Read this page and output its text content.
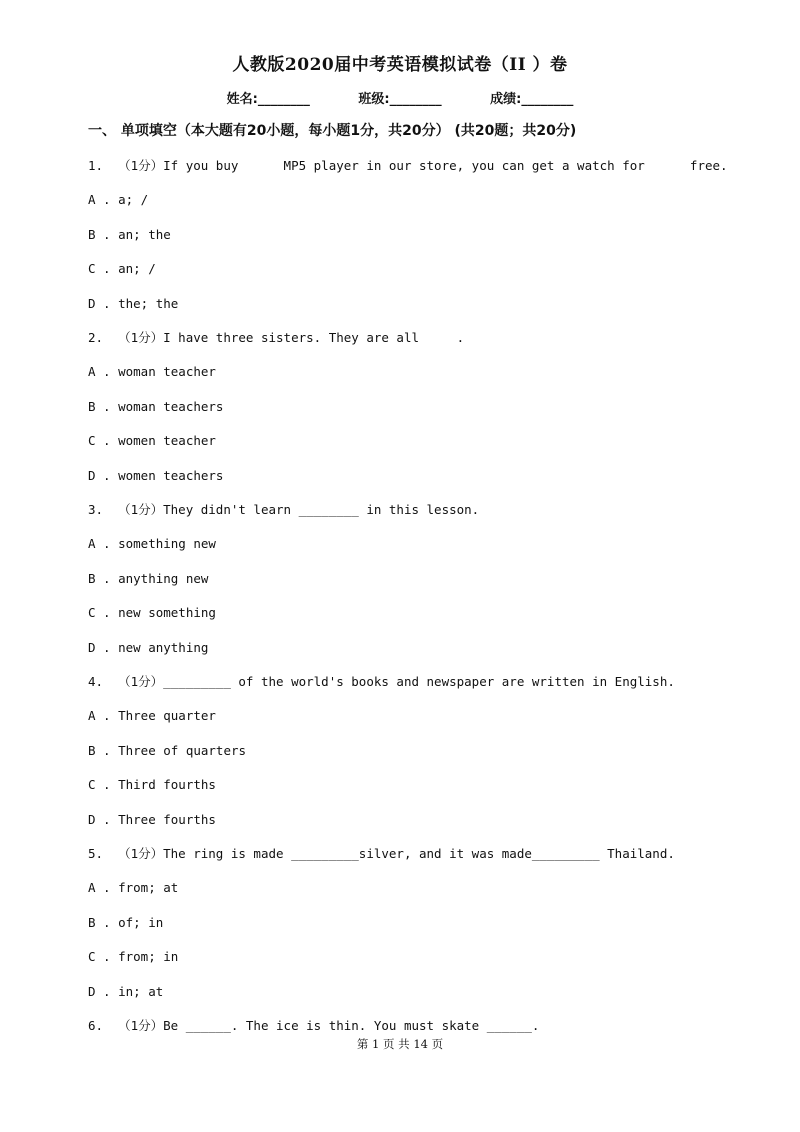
人教版2020届中考英语模拟试卷（II ）卷
姓名:________	班级:________	成绩:________
一、 单项填空（本大题有20小题，每小题1分，共20分） (共20题；共20分)
1.  （1分）If you buy      MP5 player in our store, you can get a watch for      free.
A . a; /
B . an; the
C . an; /
D . the; the
2.  （1分）I have three sisters. They are all     .
A . woman teacher
B . woman teachers
C . women teacher
D . women teachers
3.  （1分）They didn't learn ________ in this lesson.
A . something new
B . anything new
C . new something
D . new anything
4.  （1分）_________ of the world's books and newspaper are written in English.
A . Three quarter
B . Three of quarters
C . Third fourths
D . Three fourths
5.  （1分）The ring is made _________silver, and it was made_________ Thailand.
A . from; at
B . of; in
C . from; in
D . in; at
6.  （1分）Be ______. The ice is thin. You must skate ______.
第 1 页 共 14 页
